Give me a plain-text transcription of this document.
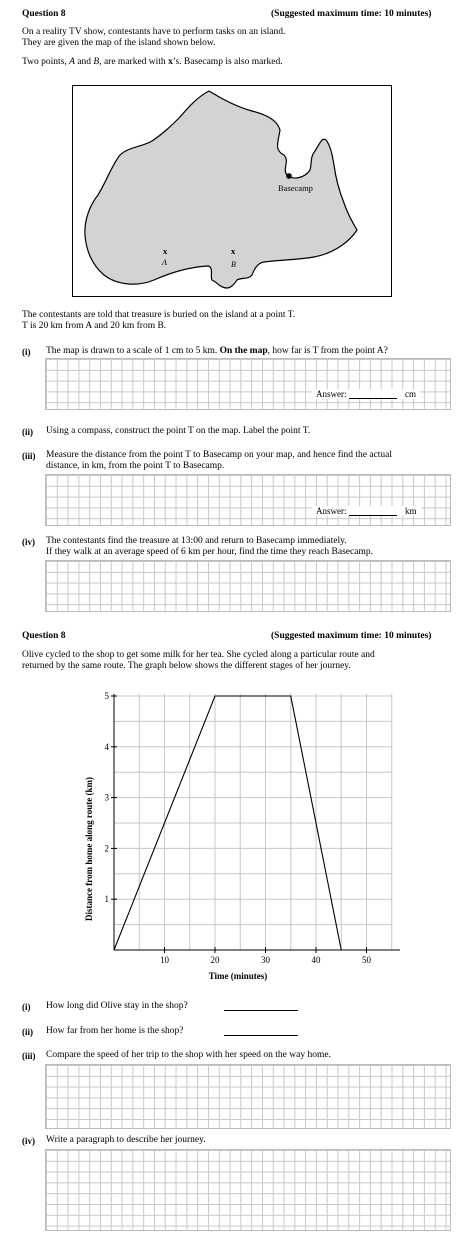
Question 8	(Suggested maximum time: 10 minutes)
On a reality TV show, contestants have to perform tasks on an island.
They are given the map of the island shown below.
Two points, A and B, are marked with x’s. Basecamp is also marked.
Basecamp
x
A
x
B
The contestants are told that treasure is buried on the island at a point T.
T is 20 km from A and 20 km from B.
(i) The map is drawn to a scale of 1 cm to 5 km. On the map, how far is T from the point A?
Answer:	cm
(ii) Using a compass, construct the point T on the map. Label the point T.
(iii) Measure the distance from the point T to Basecamp on your map, and hence find the actual
distance, in km, from the point T to Basecamp.
Answer:	km
(iv) The contestants find the treasure at 13:00 and return to Basecamp immediately.
If they walk at an average speed of 6 km per hour, find the time they reach Basecamp.
Question 8	(Suggested maximum time: 10 minutes)
Olive cycled to the shop to get some milk for her tea. She cycled along a particular route and
returned by the same route. The graph below shows the different stages of her journey.
10	20	30	40	50
1
2
3
4
5
Time (minutes)
Distance from home along route (km)
(i) How long did Olive stay in the shop?
(ii) How far from her home is the shop?
(iii) Compare the speed of her trip to the shop with her speed on the way home.
(iv) Write a paragraph to describe her journey.
